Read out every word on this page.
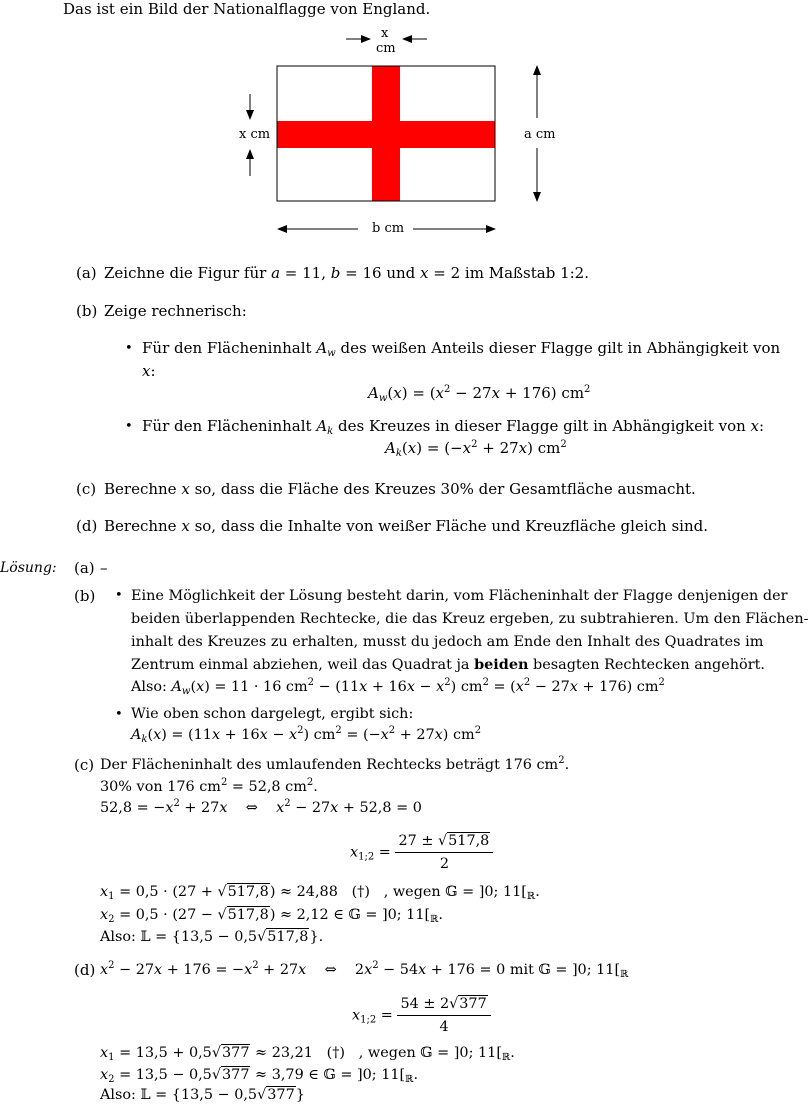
Das ist ein Bild der Nationalflagge von England.
x
cm
x cm	a cm
b cm
(a) Zeichne die Figur für a = 11, b = 16 und x = 2 im Maßstab 1:2.
(b) Zeige rechnerisch:
• Für den Flächeninhalt $A_w$ des weißen Anteils dieser Flagge gilt in Abhängigkeit von
x:
$A_w(x) = (x^2 - 27x + 176)$ $cm^2$
• Für den Flächeninhalt $A_k$ des Kreuzes in dieser Flagge gilt in Abhängigkeit von x:
$A_k(x) = (-x^2 + 27x)$ $cm^2$
(c) Berechne x so, dass die Fläche des Kreuzes 30% der Gesamtfläche ausmacht.
(d) Berechne x so, dass die Inhalte von weißer Fläche und Kreuzfläche gleich sind.
Lösung: (a) –
(b) • Eine Möglichkeit der Lösung besteht darin, vom Flächeninhalt der Flagge denjenigen der
beiden überlappenden Rechtecke, die das Kreuz ergeben, zu subtrahieren. Um den Flächen-
inhalt des Kreuzes zu erhalten, musst du jedoch am Ende den Inhalt des Quadrates im
Zentrum einmal abziehen, weil das Quadrat ja beiden besagten Rechtecken angehört.
Also: $A_w(x) = 11 \cdot 16$ $cm^2 - (11x + 16x - x^2) cm^2 = (x^2 - 27x + 176)$ $cm^2$
• Wie oben schon dargelegt, ergibt sich:
$A_k(x) = (11x + 16x - x^2) cm^2 = (-x^2 + 27x)$ $cm^2$
(c) Der Flächeninhalt des umlaufenden Rechtecks beträgt 176 $cm^2$.
30% von 176 $cm^2 = 52,8$ $cm^2$.
$52,8 = -x^2 + 27x$    ⇔    $x^2 - 27x + 52,8 = 0$
$x_{1;2} = \frac{27 \pm √517,8}{2}$
$x_1 = 0,5 \cdot (27 + √517,8) \approx 24,88$   (†)   , wegen 𝔾 = ]0; $11[_ℝ$.
$x_2 = 0,5 \cdot (27 - √517,8) \approx 2,12$ ∈ 𝔾 = ]0; $11[_ℝ$.
Also: 𝕃 = {13,5 − 0,5√517,8}.
(d) $x^2 - 27x + 176 = -x^2 + 27x$    ⇔    $2x^2 - 54x + 176 = 0$ mit 𝔾 = ]0; $11[_ℝ$
$x_{1;2} = \frac{54 \pm 2√377}{4}$
$x_1 = 13,5 + 0,5√377 \approx 23,21$   (†)   , wegen 𝔾 = ]0; $11[_ℝ$.
$x_2 = 13,5 - 0,5√377 \approx 3,79$ ∈ 𝔾 = ]0; $11[_ℝ$.
Also: 𝕃 = {13,5 − 0,5√377}
